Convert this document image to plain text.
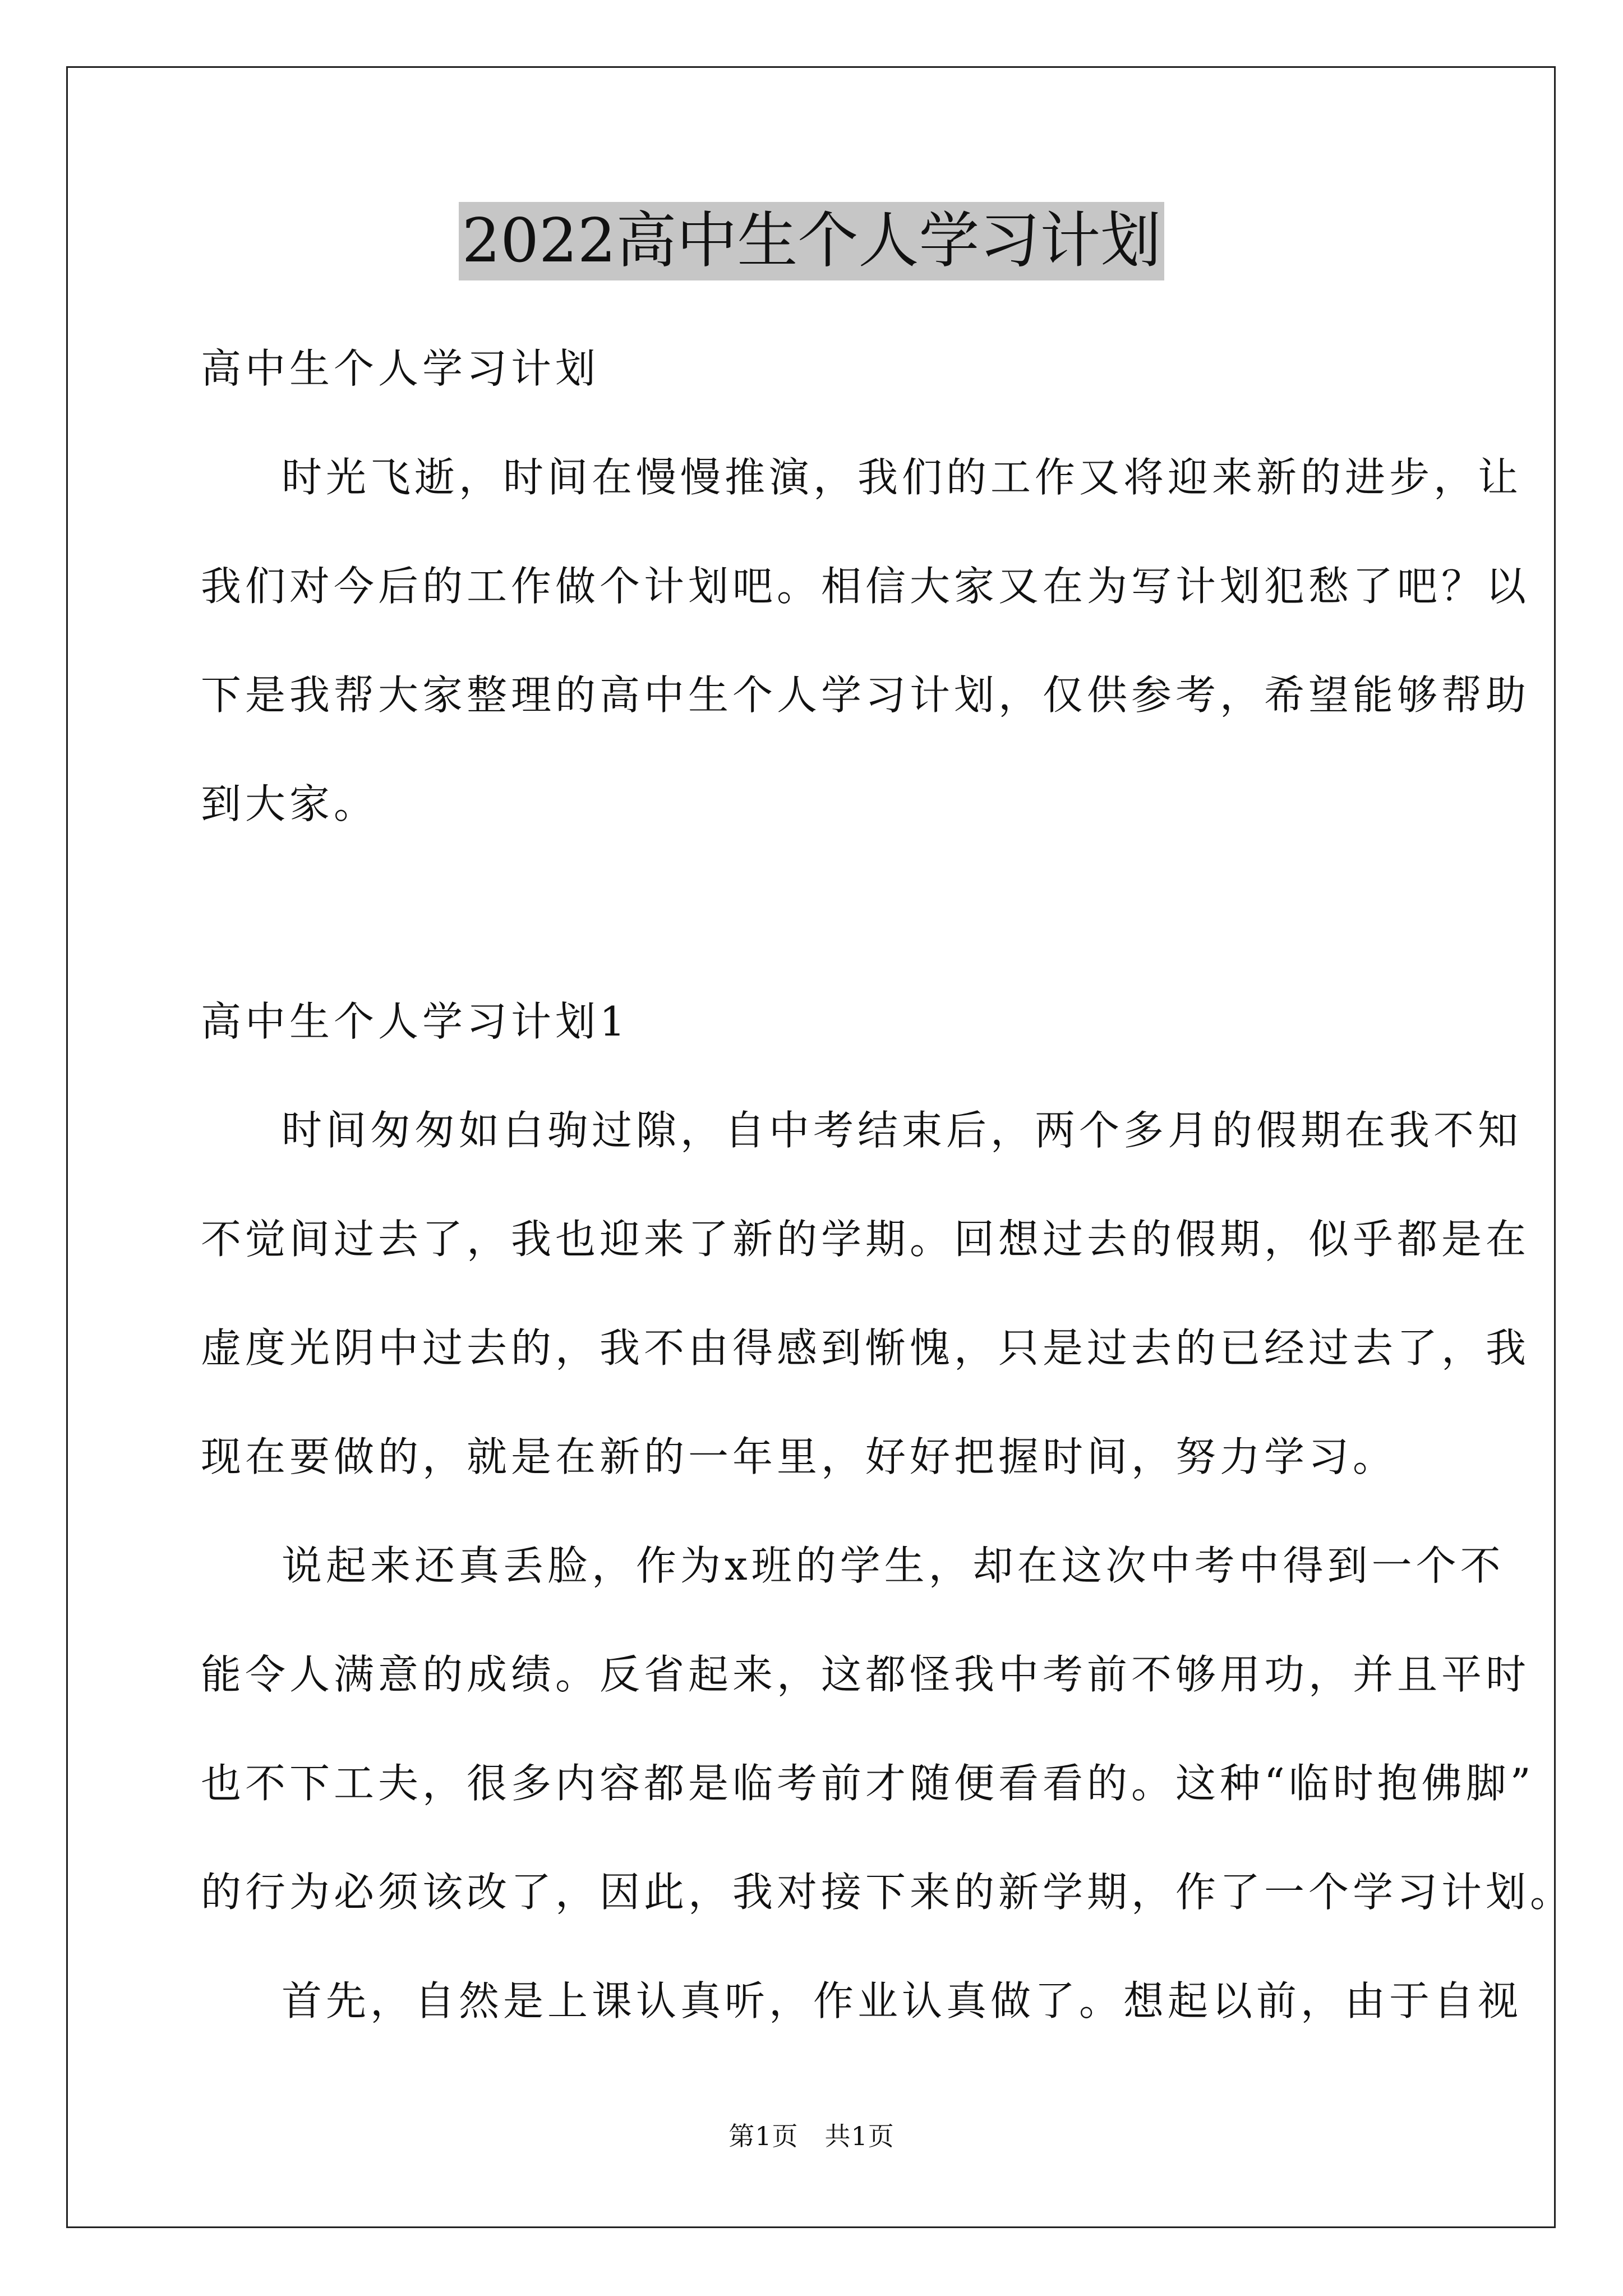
2022高中生个人学习计划
高中生个人学习计划
时光飞逝，时间在慢慢推演，我们的工作又将迎来新的进步，让
我们对今后的工作做个计划吧。相信大家又在为写计划犯愁了吧？以
下是我帮大家整理的高中生个人学习计划，仅供参考，希望能够帮助
到大家。
高中生个人学习计划1
时间匆匆如白驹过隙，自中考结束后，两个多月的假期在我不知
不觉间过去了，我也迎来了新的学期。回想过去的假期，似乎都是在
虚度光阴中过去的，我不由得感到惭愧，只是过去的已经过去了，我
现在要做的，就是在新的一年里，好好把握时间，努力学习。
说起来还真丢脸，作为x班的学生，却在这次中考中得到一个不
能令人满意的成绩。反省起来，这都怪我中考前不够用功，并且平时
也不下工夫，很多内容都是临考前才随便看看的。这种“临时抱佛脚”
的行为必须该改了，因此，我对接下来的新学期，作了一个学习计划。
首先，自然是上课认真听，作业认真做了。想起以前，由于自视
第1页　共1页
